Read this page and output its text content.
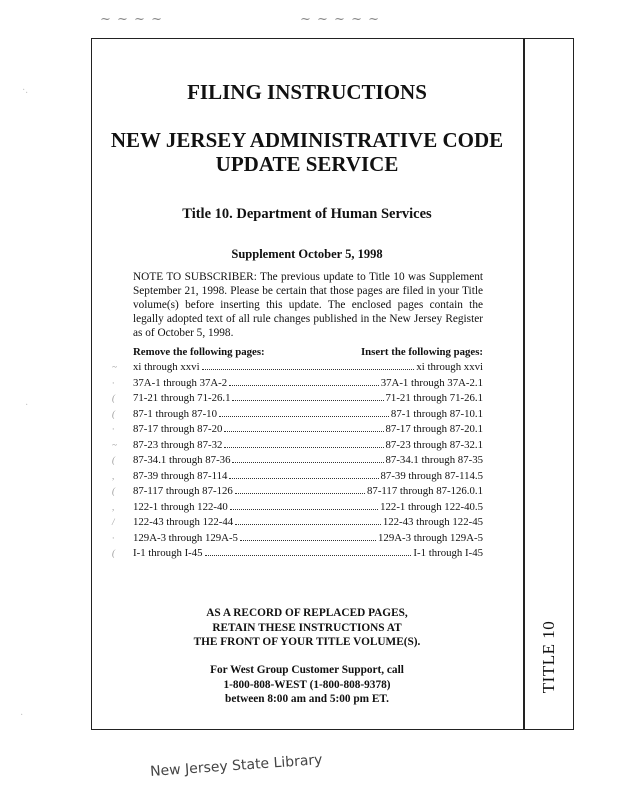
~ ~ ~ ~	~ ~ ~ ~ ~
·.
·
·
FILING INSTRUCTIONS
NEW JERSEY ADMINISTRATIVE CODE
UPDATE SERVICE
Title 10. Department of Human Services
Supplement October 5, 1998
NOTE TO SUBSCRIBER: The previous update to Title 10 was Supplement September 21, 1998. Please be certain that those pages are filed in your Title volume(s) before inserting this update. The enclosed pages contain the legally adopted text of all rule changes published in the New Jersey Register as of October 5, 1998.
Remove the following pages:	Insert the following pages:
~
·
(
(
·
~
(
,
(
,
/
·
(
xi through xxvi	xi through xxvi
37A-1 through 37A-2	37A-1 through 37A-2.1
71-21 through 71-26.1	71-21 through 71-26.1
87-1 through 87-10	87-1 through 87-10.1
87-17 through 87-20	87-17 through 87-20.1
87-23 through 87-32	87-23 through 87-32.1
87-34.1 through 87-36	87-34.1 through 87-35
87-39 through 87-114	87-39 through 87-114.5
87-117 through 87-126	87-117 through 87-126.0.1
122-1 through 122-40	122-1 through 122-40.5
122-43 through 122-44	122-43 through 122-45
129A-3 through 129A-5	129A-3 through 129A-5
I-1 through I-45	I-1 through I-45
AS A RECORD OF REPLACED PAGES,
RETAIN THESE INSTRUCTIONS AT
THE FRONT OF YOUR TITLE VOLUME(S).
For West Group Customer Support, call
1-800-808-WEST (1-800-808-9378)
between 8:00 am and 5:00 pm ET.
TITLE 10
New Jersey State Library
